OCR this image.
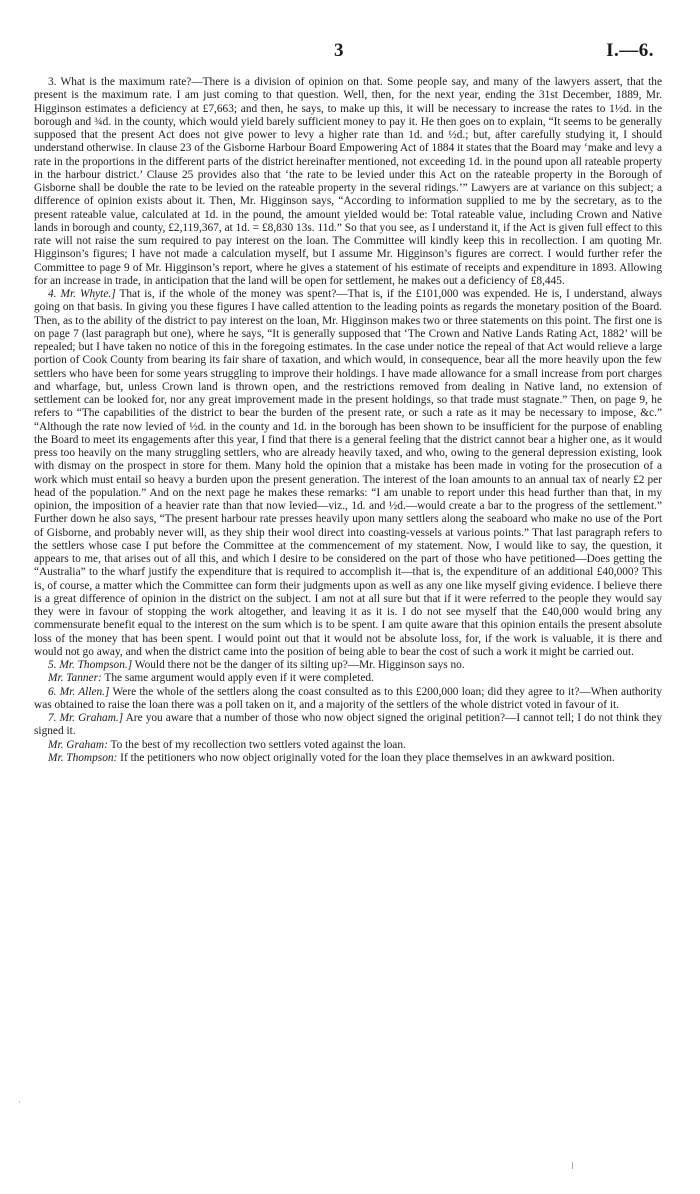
3	I.—6.

3. What is the maximum rate?—There is a division of opinion on that. Some people say, and many of the lawyers assert, that the present is the maximum rate. I am just coming to that question. Well, then, for the next year, ending the 31st December, 1889, Mr. Higginson estimates a deficiency at £7,663; and then, he says, to make up this, it will be necessary to increase the rates to 1½d. in the borough and ¾d. in the county, which would yield barely sufficient money to pay it. He then goes on to explain, “It seems to be generally supposed that the present Act does not give power to levy a higher rate than 1d. and ½d.; but, after carefully studying it, I should understand otherwise. In clause 23 of the Gisborne Harbour Board Empowering Act of 1884 it states that the Board may ‘make and levy a rate in the proportions in the different parts of the district hereinafter mentioned, not exceeding 1d. in the pound upon all rateable property in the harbour district.’ Clause 25 provides also that ‘the rate to be levied under this Act on the rateable property in the Borough of Gisborne shall be double the rate to be levied on the rateable property in the several ridings.’” Lawyers are at variance on this subject; a difference of opinion exists about it. Then, Mr. Higginson says, “According to information supplied to me by the secretary, as to the present rateable value, calculated at 1d. in the pound, the amount yielded would be: Total rateable value, including Crown and Native lands in borough and county, £2,119,367, at 1d. = £8,830 13s. 11d.” So that you see, as I understand it, if the Act is given full effect to this rate will not raise the sum required to pay interest on the loan. The Committee will kindly keep this in recollection. I am quoting Mr. Higginson’s figures; I have not made a calculation myself, but I assume Mr. Higginson’s figures are correct. I would further refer the Committee to page 9 of Mr. Higginson’s report, where he gives a statement of his estimate of receipts and expenditure in 1893. Allowing for an increase in trade, in anticipation that the land will be open for settlement, he makes out a deficiency of £8,445.

4. Mr. Whyte.] That is, if the whole of the money was spent?—That is, if the £101,000 was expended. He is, I understand, always going on that basis. In giving you these figures I have called attention to the leading points as regards the monetary position of the Board. Then, as to the ability of the district to pay interest on the loan, Mr. Higginson makes two or three statements on this point. The first one is on page 7 (last paragraph but one), where he says, “It is generally supposed that ‘The Crown and Native Lands Rating Act, 1882’ will be repealed; but I have taken no notice of this in the foregoing estimates. In the case under notice the repeal of that Act would relieve a large portion of Cook County from bearing its fair share of taxation, and which would, in consequence, bear all the more heavily upon the few settlers who have been for some years struggling to improve their holdings. I have made allowance for a small increase from port charges and wharfage, but, unless Crown land is thrown open, and the restrictions removed from dealing in Native land, no extension of settlement can be looked for, nor any great improvement made in the present holdings, so that trade must stagnate.” Then, on page 9, he refers to “The capabilities of the district to bear the burden of the present rate, or such a rate as it may be necessary to impose, &c.” “Although the rate now levied of ½d. in the county and 1d. in the borough has been shown to be insufficient for the purpose of enabling the Board to meet its engagements after this year, I find that there is a general feeling that the district cannot bear a higher one, as it would press too heavily on the many struggling settlers, who are already heavily taxed, and who, owing to the general depression existing, look with dismay on the prospect in store for them. Many hold the opinion that a mistake has been made in voting for the prosecution of a work which must entail so heavy a burden upon the present generation. The interest of the loan amounts to an annual tax of nearly £2 per head of the population.” And on the next page he makes these remarks: “I am unable to report under this head further than that, in my opinion, the imposition of a heavier rate than that now levied—viz., 1d. and ½d.—would create a bar to the progress of the settlement.” Further down he also says, “The present harbour rate presses heavily upon many settlers along the seaboard who make no use of the Port of Gisborne, and probably never will, as they ship their wool direct into coasting-vessels at various points.” That last paragraph refers to the settlers whose case I put before the Committee at the commencement of my statement. Now, I would like to say, the question, it appears to me, that arises out of all this, and which I desire to be considered on the part of those who have petitioned—Does getting the “Australia” to the wharf justify the expenditure that is required to accomplish it—that is, the expenditure of an additional £40,000? This is, of course, a matter which the Committee can form their judgments upon as well as any one like myself giving evidence. I believe there is a great difference of opinion in the district on the subject. I am not at all sure but that if it were referred to the people they would say they were in favour of stopping the work altogether, and leaving it as it is. I do not see myself that the £40,000 would bring any commensurate benefit equal to the interest on the sum which is to be spent. I am quite aware that this opinion entails the present absolute loss of the money that has been spent. I would point out that it would not be absolute loss, for, if the work is valuable, it is there and would not go away, and when the district came into the position of being able to bear the cost of such a work it might be carried out.

5. Mr. Thompson.] Would there not be the danger of its silting up?—Mr. Higginson says no.

Mr. Tanner: The same argument would apply even if it were completed.

6. Mr. Allen.] Were the whole of the settlers along the coast consulted as to this £200,000 loan; did they agree to it?—When authority was obtained to raise the loan there was a poll taken on it, and a majority of the settlers of the whole district voted in favour of it.

7. Mr. Graham.] Are you aware that a number of those who now object signed the original petition?—I cannot tell; I do not think they signed it.

Mr. Graham: To the best of my recollection two settlers voted against the loan.

Mr. Thompson: If the petitioners who now object originally voted for the loan they place themselves in an awkward position.

·
